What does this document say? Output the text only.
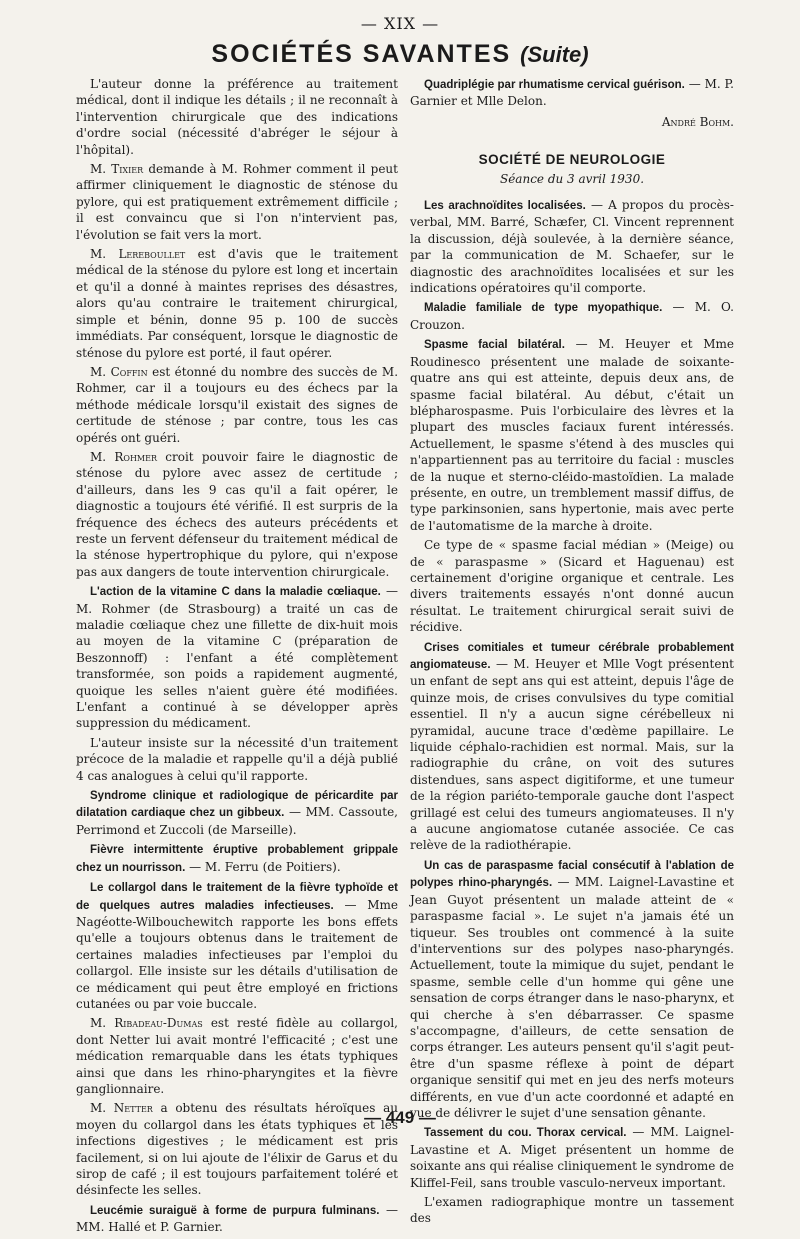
— XIX —
SOCIÉTÉS SAVANTES (Suite)

L'auteur donne la préférence au traitement médical, dont il indique les détails ; il ne reconnaît à l'intervention chirurgicale que des indications d'ordre social (nécessité d'abréger le séjour à l'hôpital).

M. Tixier demande à M. Rohmer comment il peut affirmer cliniquement le diagnostic de sténose du pylore, qui est pratiquement extrêmement difficile ; il est convaincu que si l'on n'intervient pas, l'évolution se fait vers la mort.

M. Lereboullet est d'avis que le traitement médical de la sténose du pylore est long et incertain et qu'il a donné à maintes reprises des désastres, alors qu'au contraire le traitement chirurgical, simple et bénin, donne 95 p. 100 de succès immédiats. Par conséquent, lorsque le diagnostic de sténose du pylore est porté, il faut opérer.

M. Coffin est étonné du nombre des succès de M. Rohmer, car il a toujours eu des échecs par la méthode médicale lorsqu'il existait des signes de certitude de sténose ; par contre, tous les cas opérés ont guéri.

M. Rohmer croit pouvoir faire le diagnostic de sténose du pylore avec assez de certitude ; d'ailleurs, dans les 9 cas qu'il a fait opérer, le diagnostic a toujours été vérifié. Il est surpris de la fréquence des échecs des auteurs précédents et reste un fervent défenseur du traitement médical de la sténose hypertrophique du pylore, qui n'expose pas aux dangers de toute intervention chirurgicale.

L'action de la vitamine C dans la maladie cœliaque. — M. Rohmer (de Strasbourg) a traité un cas de maladie cœliaque chez une fillette de dix-huit mois au moyen de la vitamine C (préparation de Beszonnoff) : l'enfant a été complètement transformée, son poids a rapidement augmenté, quoique les selles n'aient guère été modifiées. L'enfant a continué à se développer après suppression du médicament.

L'auteur insiste sur la nécessité d'un traitement précoce de la maladie et rappelle qu'il a déjà publié 4 cas analogues à celui qu'il rapporte.

Syndrome clinique et radiologique de péricardite par dilatation cardiaque chez un gibbeux. — MM. Cassoute, Perrimond et Zuccoli (de Marseille).

Fièvre intermittente éruptive probablement grippale chez un nourrisson. — M. Ferru (de Poitiers).

Le collargol dans le traitement de la fièvre typhoïde et de quelques autres maladies infectieuses. — Mme Nagéotte-Wilbouchewitch rapporte les bons effets qu'elle a toujours obtenus dans le traitement de certaines maladies infectieuses par l'emploi du collargol. Elle insiste sur les détails d'utilisation de ce médicament qui peut être employé en frictions cutanées ou par voie buccale.

M. Ribadeau-Dumas est resté fidèle au collargol, dont Netter lui avait montré l'efficacité ; c'est une médication remarquable dans les états typhiques ainsi que dans les rhino-pharyngites et la fièvre ganglionnaire.

M. Netter a obtenu des résultats héroïques au moyen du collargol dans les états typhiques et les infections digestives ; le médicament est pris facilement, si on lui ajoute de l'élixir de Garus et du sirop de café ; il est toujours parfaitement toléré et désinfecte les selles.

Leucémie suraiguë à forme de purpura fulminans. — MM. Hallé et P. Garnier.

Quadriplégie par rhumatisme cervical guérison. — M. P. Garnier et Mlle Delon.

André Bohm.

SOCIÉTÉ DE NEUROLOGIE
Séance du 3 avril 1930.

Les arachnoïdites localisées. — A propos du procès-verbal, MM. Barré, Schæfer, Cl. Vincent reprennent la discussion, déjà soulevée, à la dernière séance, par la communication de M. Schaefer, sur le diagnostic des arachnoïdites localisées et sur les indications opératoires qu'il comporte.

Maladie familiale de type myopathique. — M. O. Crouzon.

Spasme facial bilatéral. — M. Heuyer et Mme Roudinesco présentent une malade de soixante-quatre ans qui est atteinte, depuis deux ans, de spasme facial bilatéral. Au début, c'était un blépharospasme. Puis l'orbiculaire des lèvres et la plupart des muscles faciaux furent intéressés. Actuellement, le spasme s'étend à des muscles qui n'appartiennent pas au territoire du facial : muscles de la nuque et sterno-cléido-mastoïdien. La malade présente, en outre, un tremblement massif diffus, de type parkinsonien, sans hypertonie, mais avec perte de l'automatisme de la marche à droite.

Ce type de « spasme facial médian » (Meige) ou de « paraspasme » (Sicard et Haguenau) est certainement d'origine organique et centrale. Les divers traitements essayés n'ont donné aucun résultat. Le traitement chirurgical serait suivi de récidive.

Crises comitiales et tumeur cérébrale probablement angiomateuse. — M. Heuyer et Mlle Vogt présentent un enfant de sept ans qui est atteint, depuis l'âge de quinze mois, de crises convulsives du type comitial essentiel. Il n'y a aucun signe cérébelleux ni pyramidal, aucune trace d'œdème papillaire. Le liquide céphalo-rachidien est normal. Mais, sur la radiographie du crâne, on voit des sutures distendues, sans aspect digitiforme, et une tumeur de la région pariéto-temporale gauche dont l'aspect grillagé est celui des tumeurs angiomateuses. Il n'y a aucune angiomatose cutanée associée. Ce cas relève de la radiothérapie.

Un cas de paraspasme facial consécutif à l'ablation de polypes rhino-pharyngés. — MM. Laignel-Lavastine et Jean Guyot présentent un malade atteint de « paraspasme facial ». Le sujet n'a jamais été un tiqueur. Ses troubles ont commencé à la suite d'interventions sur des polypes naso-pharyngés. Actuellement, toute la mimique du sujet, pendant le spasme, semble celle d'un homme qui gêne une sensation de corps étranger dans le naso-pharynx, et qui cherche à s'en débarrasser. Ce spasme s'accompagne, d'ailleurs, de cette sensation de corps étranger. Les auteurs pensent qu'il s'agit peut-être d'un spasme réflexe à point de départ organique sensitif qui met en jeu des nerfs moteurs différents, en vue d'un acte coordonné et adapté en vue de délivrer le sujet d'une sensation gênante.

Tassement du cou. Thorax cervical. — MM. Laignel-Lavastine et A. Miget présentent un homme de soixante ans qui réalise cliniquement le syndrome de Kliffel-Feil, sans trouble vasculo-nerveux important.

L'examen radiographique montre un tassement des

— 449 —
